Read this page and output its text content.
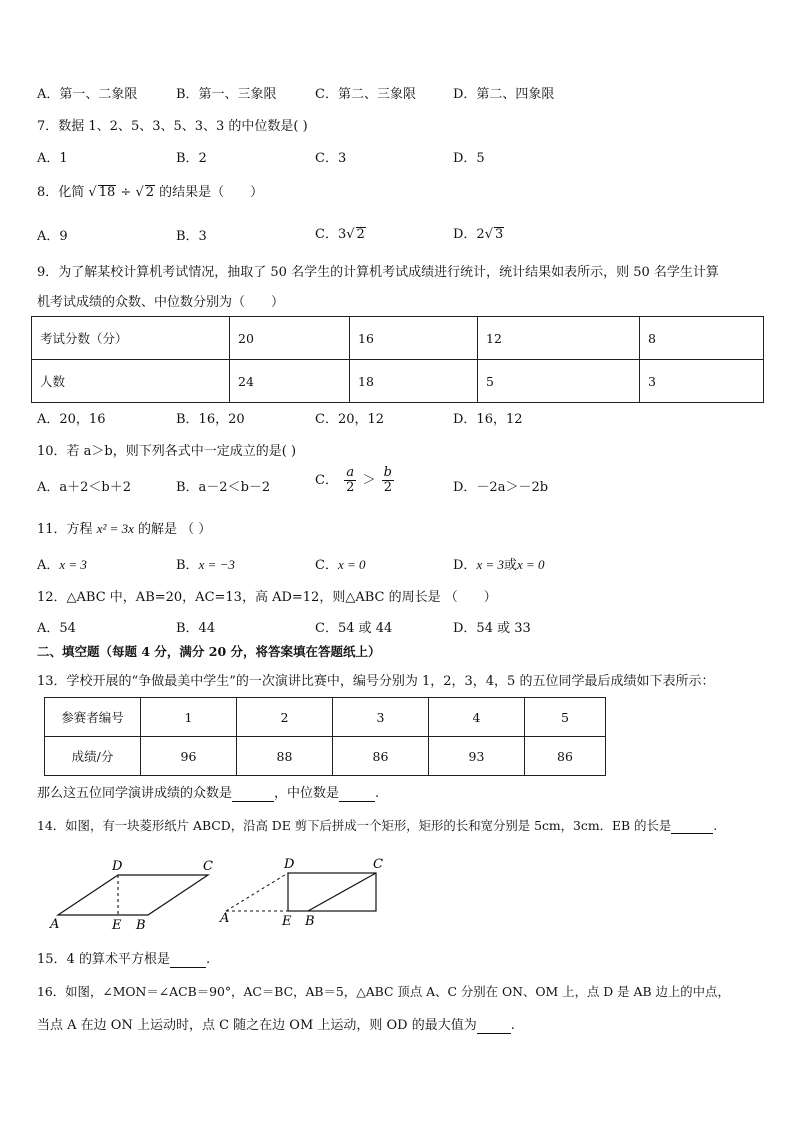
A．第一、二象限	B．第一、三象限	C．第二、三象限	D．第二、四象限
7．数据 1、2、5、3、5、3、3 的中位数是( )
A．1	B．2	C．3	D．5
8．化简 √ 18 ÷ √ 2 的结果是（　　）
A．9	B．3	C．3√ 2	D．2√ 3
9．为了解某校计算机考试情况，抽取了 50 名学生的计算机考试成绩进行统计，统计结果如表所示，则 50 名学生计算
机考试成绩的众数、中位数分别为（　　）
考试分数（分）	20	16	12	8
人数	24	18	5	3
A．20，16	B．16，20	C．20，12	D．16，12
10．若 a＞b，则下列各式中一定成立的是( )
A．a＋2＜b＋2	B．a－2＜b－2	C． $\frac{a}{2} > \frac{b}{2}$	D．－2a＞－2b
11．方程 x² = 3x 的解是 （ ）
A．x = 3	B．x = −3	C．x = 0	D．x = 3或x = 0
12．△ABC 中，AB=20，AC=13，高 AD=12，则△ABC 的周长是 （　　）
A．54	B．44	C．54 或 44	D．54 或 33
二、填空题（每题 4 分，满分 20 分，将答案填在答题纸上）
13．学校开展的“争做最美中学生”的一次演讲比赛中，编号分别为 1，2，3，4，5 的五位同学最后成绩如下表所示：
参赛者编号	1	2	3	4	5
成绩/分	96	88	86	93	86
那么这五位同学演讲成绩的众数是	，中位数是	.
14．如图，有一块菱形纸片 ABCD，沿高 DE 剪下后拼成一个矩形，矩形的长和宽分别是 5cm，3cm．EB 的长是	.
D	C
A	E B
D	C
A	E B
15．4 的算术平方根是	.
16．如图，∠MON＝∠ACB＝90°，AC＝BC，AB＝5，△ABC 顶点 A、C 分别在 ON、OM 上，点 D 是 AB 边上的中点，
当点 A 在边 ON 上运动时，点 C 随之在边 OM 上运动，则 OD 的最大值为	.
